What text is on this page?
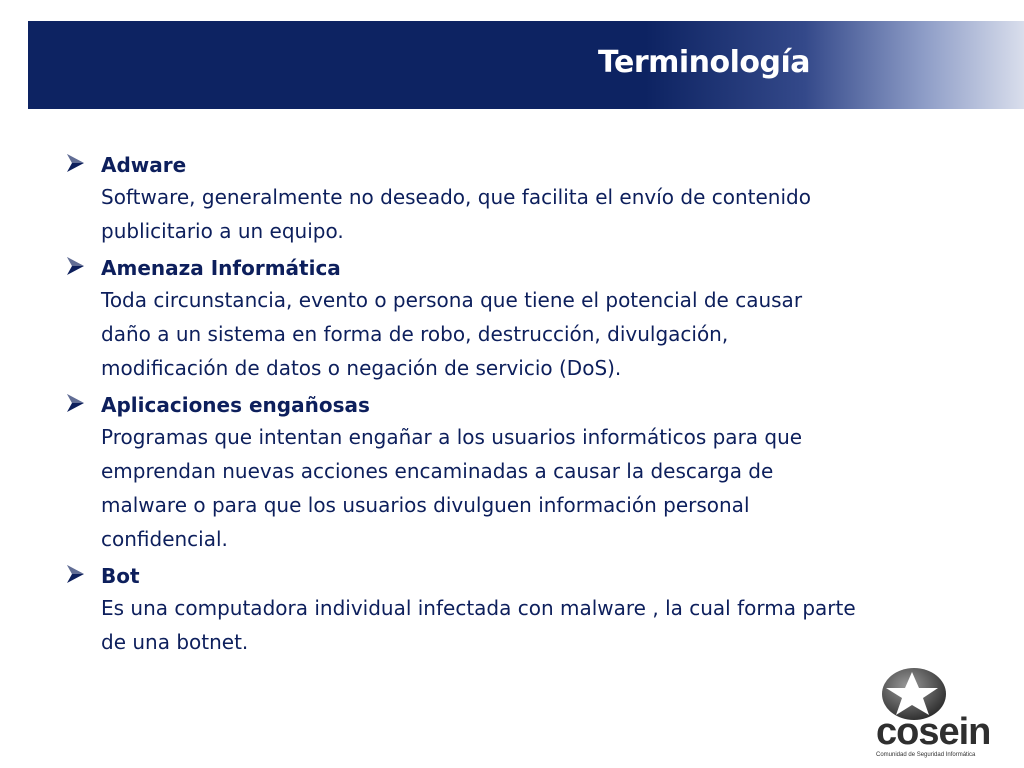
Terminología
Adware
Software, generalmente no deseado, que facilita el envío de contenido
publicitario a un equipo.
Amenaza Informática
Toda circunstancia, evento o persona que tiene el potencial de causar
daño a un sistema en forma de robo, destrucción, divulgación,
modificación de datos o negación de servicio (DoS).
Aplicaciones engañosas
Programas que intentan engañar a los usuarios informáticos para que
emprendan nuevas acciones encaminadas a causar la descarga de
malware o para que los usuarios divulguen información personal
confidencial.
Bot
Es una computadora individual infectada con malware , la cual forma parte
de una botnet.
cosein
Comunidad de Seguridad Informática
